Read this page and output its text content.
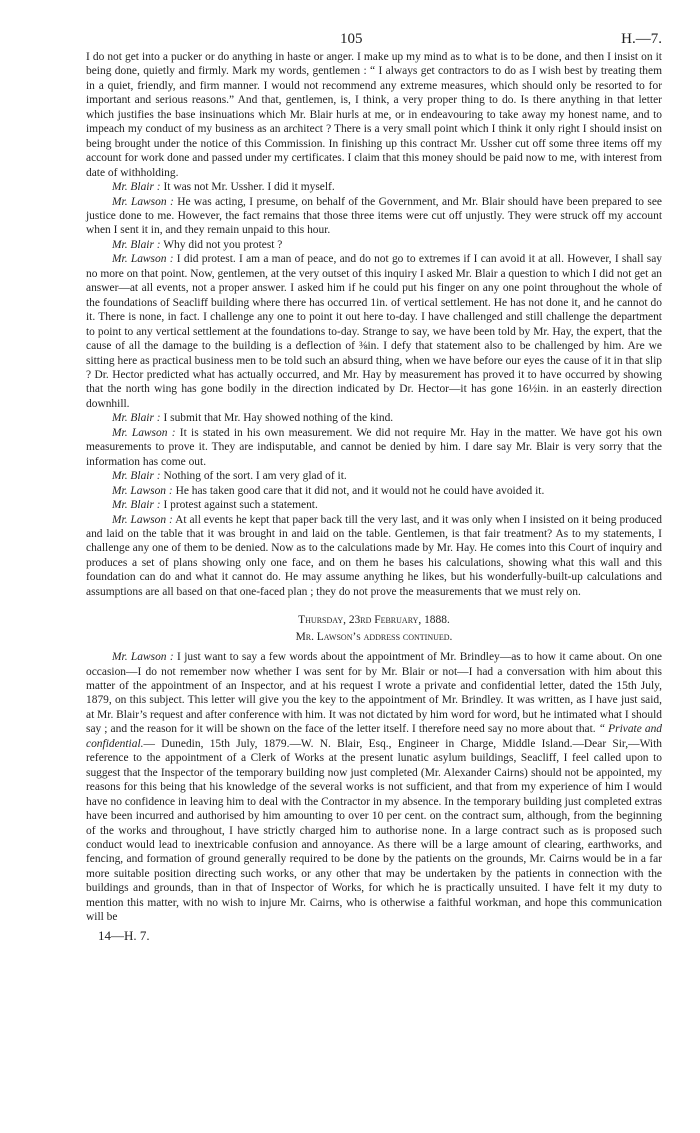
105	H.—7.

I do not get into a pucker or do anything in haste or anger. I make up my mind as to what is to be done, and then I insist on it being done, quietly and firmly. Mark my words, gentlemen : “ I always get contractors to do as I wish best by treating them in a quiet, friendly, and firm manner. I would not recommend any extreme measures, which should only be resorted to for important and serious reasons.” And that, gentlemen, is, I think, a very proper thing to do. Is there anything in that letter which justifies the base insinuations which Mr. Blair hurls at me, or in endeavouring to take away my honest name, and to impeach my conduct of my business as an architect ? There is a very small point which I think it only right I should insist on being brought under the notice of this Commission. In finishing up this contract Mr. Ussher cut off some three items off my account for work done and passed under my certificates. I claim that this money should be paid now to me, with interest from date of withholding.

Mr. Blair : It was not Mr. Ussher. I did it myself.

Mr. Lawson : He was acting, I presume, on behalf of the Government, and Mr. Blair should have been prepared to see justice done to me. However, the fact remains that those three items were cut off unjustly. They were struck off my account when I sent it in, and they remain unpaid to this hour.

Mr. Blair : Why did not you protest ?

Mr. Lawson : I did protest. I am a man of peace, and do not go to extremes if I can avoid it at all. However, I shall say no more on that point. Now, gentlemen, at the very outset of this inquiry I asked Mr. Blair a question to which I did not get an answer—at all events, not a proper answer. I asked him if he could put his finger on any one point throughout the whole of the foundations of Seacliff building where there has occurred 1in. of vertical settlement. He has not done it, and he cannot do it. There is none, in fact. I challenge any one to point it out here to-day. I have challenged and still challenge the department to point to any vertical settlement at the foundations to-day. Strange to say, we have been told by Mr. Hay, the expert, that the cause of all the damage to the building is a deflection of ⅜in. I defy that statement also to be challenged by him. Are we sitting here as practical business men to be told such an absurd thing, when we have before our eyes the cause of it in that slip ? Dr. Hector predicted what has actually occurred, and Mr. Hay by measurement has proved it to have occurred by showing that the north wing has gone bodily in the direction indicated by Dr. Hector—it has gone 16½in. in an easterly direction downhill.

Mr. Blair : I submit that Mr. Hay showed nothing of the kind.

Mr. Lawson : It is stated in his own measurement. We did not require Mr. Hay in the matter. We have got his own measurements to prove it. They are indisputable, and cannot be denied by him. I dare say Mr. Blair is very sorry that the information has come out.

Mr. Blair : Nothing of the sort. I am very glad of it.

Mr. Lawson : He has taken good care that it did not, and it would not he could have avoided it.

Mr. Blair : I protest against such a statement.

Mr. Lawson : At all events he kept that paper back till the very last, and it was only when I insisted on it being produced and laid on the table that it was brought in and laid on the table. Gentlemen, is that fair treatment? As to my statements, I challenge any one of them to be denied. Now as to the calculations made by Mr. Hay. He comes into this Court of inquiry and produces a set of plans showing only one face, and on them he bases his calculations, showing what this wall and this foundation can do and what it cannot do. He may assume anything he likes, but his wonderfully-built-up calculations and assumptions are all based on that one-faced plan ; they do not prove the measurements that we must rely on.

Thursday, 23rd February, 1888.

Mr. Lawson’s address continued.

Mr. Lawson : I just want to say a few words about the appointment of Mr. Brindley—as to how it came about. On one occasion—I do not remember now whether I was sent for by Mr. Blair or not—I had a conversation with him about this matter of the appointment of an Inspector, and at his request I wrote a private and confidential letter, dated the 15th July, 1879, on this subject. This letter will give you the key to the appointment of Mr. Brindley. It was written, as I have just said, at Mr. Blair’s request and after conference with him. It was not dictated by him word for word, but he intimated what I should say ; and the reason for it will be shown on the face of the letter itself. I therefore need say no more about that. “ Private and confidential.— Dunedin, 15th July, 1879.—W. N. Blair, Esq., Engineer in Charge, Middle Island.—Dear Sir,—With reference to the appointment of a Clerk of Works at the present lunatic asylum buildings, Seacliff, I feel called upon to suggest that the Inspector of the temporary building now just completed (Mr. Alexander Cairns) should not be appointed, my reasons for this being that his knowledge of the several works is not sufficient, and that from my experience of him I would have no confidence in leaving him to deal with the Contractor in my absence. In the temporary building just completed extras have been incurred and authorised by him amounting to over 10 per cent. on the contract sum, although, from the beginning of the works and throughout, I have strictly charged him to authorise none. In a large contract such as is proposed such conduct would lead to inextricable confusion and annoyance. As there will be a large amount of clearing, earthworks, and fencing, and formation of ground generally required to be done by the patients on the grounds, Mr. Cairns would be in a far more suitable position directing such works, or any other that may be undertaken by the patients in connection with the buildings and grounds, than in that of Inspector of Works, for which he is practically unsuited. I have felt it my duty to mention this matter, with no wish to injure Mr. Cairns, who is otherwise a faithful workman, and hope this communication will be

14—H. 7.
